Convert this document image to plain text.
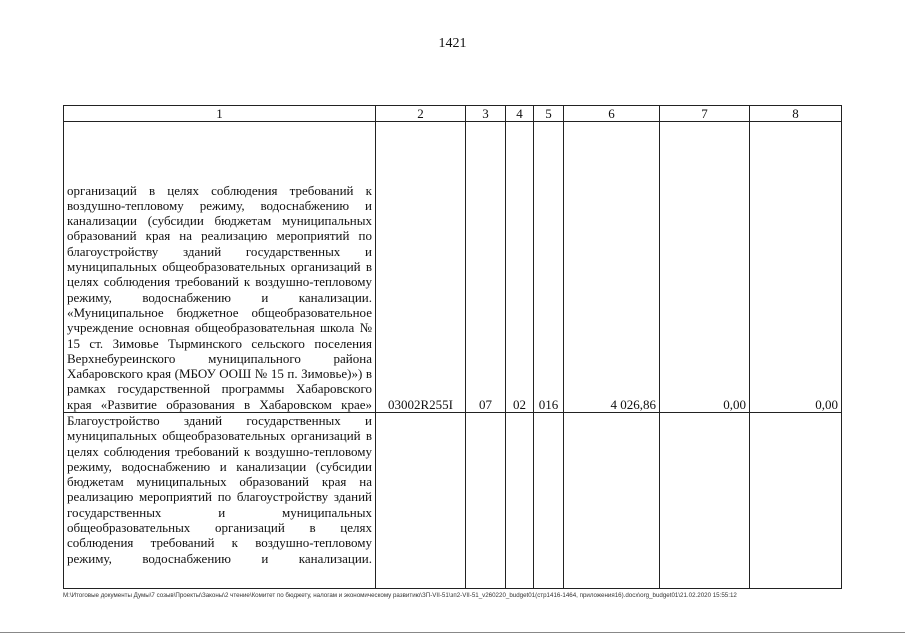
1421
1	2	3	4	5	6	7	8
организаций в целях соблюдения требований к воздушно-тепловому режиму, водоснабжению и канализации (субсидии бюджетам муниципальных образований края на реализацию мероприятий по благоустройству зданий государственных и муниципальных общеобразовательных организаций в целях соблюдения требований к воздушно-тепловому режиму, водоснабжению и канализации. «Муниципальное бюджетное общеобразовательное учреждение основная общеобразовательная школа № 15 ст. Зимовье Тырминского сельского поселения Верхнебуреинского муниципального района Хабаровского края (МБОУ ООШ № 15 п. Зимовье)») в рамках государственной программы Хабаровского края «Развитие образования в Хабаровском крае»	03002R255I	07	02	016	4 026,86	0,00	0,00
Благоустройство зданий государственных и муниципальных общеобразовательных организаций в целях соблюдения требований к воздушно-тепловому режиму, водоснабжению и канализации (субсидии бюджетам муниципальных образований края на реализацию мероприятий по благоустройству зданий государственных и муниципальных общеобразовательных организаций в целях соблюдения требований к воздушно-тепловому режиму, водоснабжению и канализации.							
M:\Итоговые документы Думы\7 созыв\Проекты\Законы\2 чтение\Комитет по бюджету, налогам и экономическому развитию\ЗП-VII-51\зп2-VII-51_v260220_budget01(стр1416-1464, приложения16).docx\org_budget01\21.02.2020 15:55:12
